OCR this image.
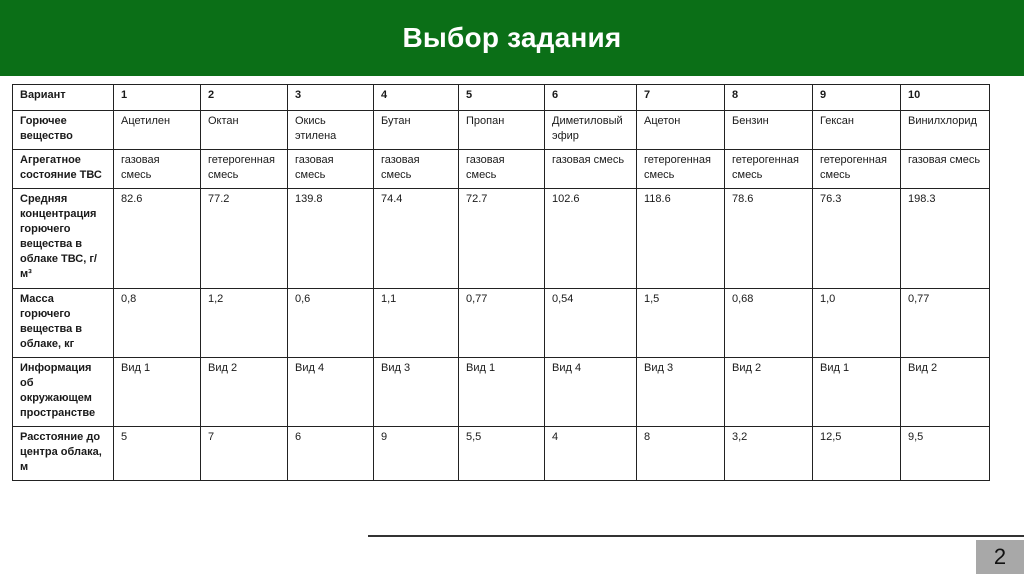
Выбор задания
Вариант	1	2	3	4	5	6	7	8	9	10
Горючее вещество	Ацетилен	Октан	Окись этилена	Бутан	Пропан	Диметиловый эфир	Ацетон	Бензин	Гексан	Винилхлорид
Агрегатное состояние ТВС	газовая смесь	гетерогенная смесь	газовая смесь	газовая смесь	газовая смесь	газовая смесь	гетерогенная смесь	гетерогенная смесь	гетерогенная смесь	газовая смесь
Средняя концентрация горючего вещества в облаке ТВС, г/м³	82.6	77.2	139.8	74.4	72.7	102.6	118.6	78.6	76.3	198.3
Масса горючего вещества в облаке, кг	0,8	1,2	0,6	1,1	0,77	0,54	1,5	0,68	1,0	0,77
Информация об окружающем пространстве	Вид 1	Вид 2	Вид 4	Вид 3	Вид 1	Вид 4	Вид 3	Вид 2	Вид 1	Вид 2
Расстояние до центра облака, м	5	7	6	9	5,5	4	8	3,2	12,5	9,5
2
